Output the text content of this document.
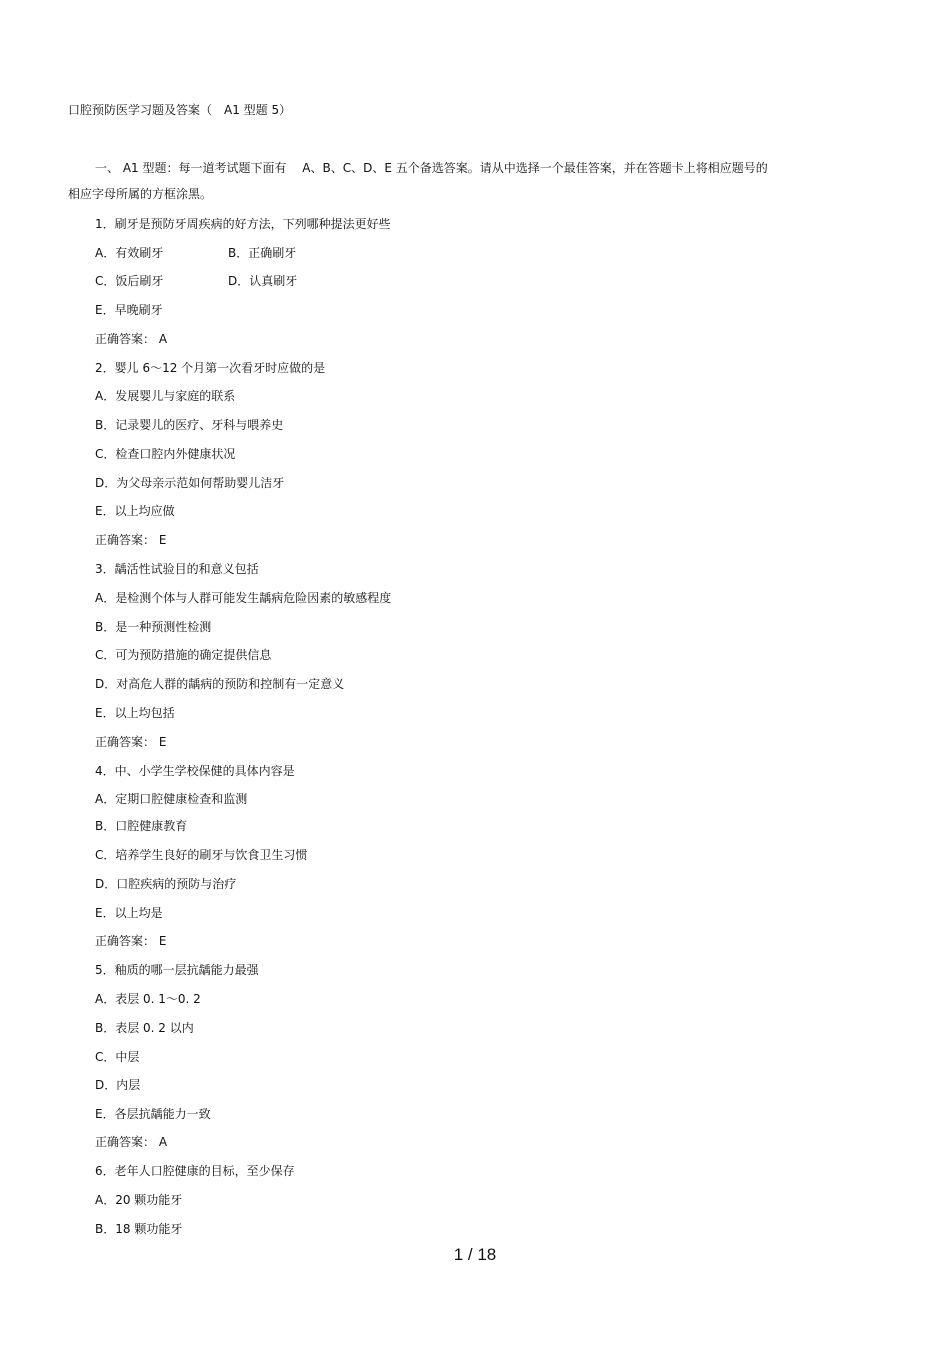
口腔预防医学习题及答案（　A1 型题 5）
一、 A1 型题：每一道考试题下面有　 A、B、C、D、E 五个备选答案。请从中选择一个最佳答案，并在答题卡上将相应题号的
相应字母所属的方框涂黑。
1．刷牙是预防牙周疾病的好方法，下列哪种提法更好些
A．有效刷牙	B．正确刷牙
C．饭后刷牙	D．认真刷牙
E．早晚刷牙
正确答案： A
2．婴儿 6～12 个月第一次看牙时应做的是
A．发展婴儿与家庭的联系
B．记录婴儿的医疗、牙科与喂养史
C．检查口腔内外健康状况
D．为父母亲示范如何帮助婴儿洁牙
E．以上均应做
正确答案： E
3．龋活性试验目的和意义包括
A．是检测个体与人群可能发生龋病危险因素的敏感程度
B．是一种预测性检测
C．可为预防措施的确定提供信息
D．对高危人群的龋病的预防和控制有一定意义
E．以上均包括
正确答案： E
4．中、小学生学校保健的具体内容是
A．定期口腔健康检查和监测
B．口腔健康教育
C．培养学生良好的刷牙与饮食卫生习惯
D．口腔疾病的预防与治疗
E．以上均是
正确答案： E
5．釉质的哪一层抗龋能力最强
A．表层 0. 1～0. 2
B．表层 0. 2 以内
C．中层
D．内层
E．各层抗龋能力一致
正确答案： A
6．老年人口腔健康的目标，至少保存
A．20 颗功能牙
B．18 颗功能牙
1 / 18
